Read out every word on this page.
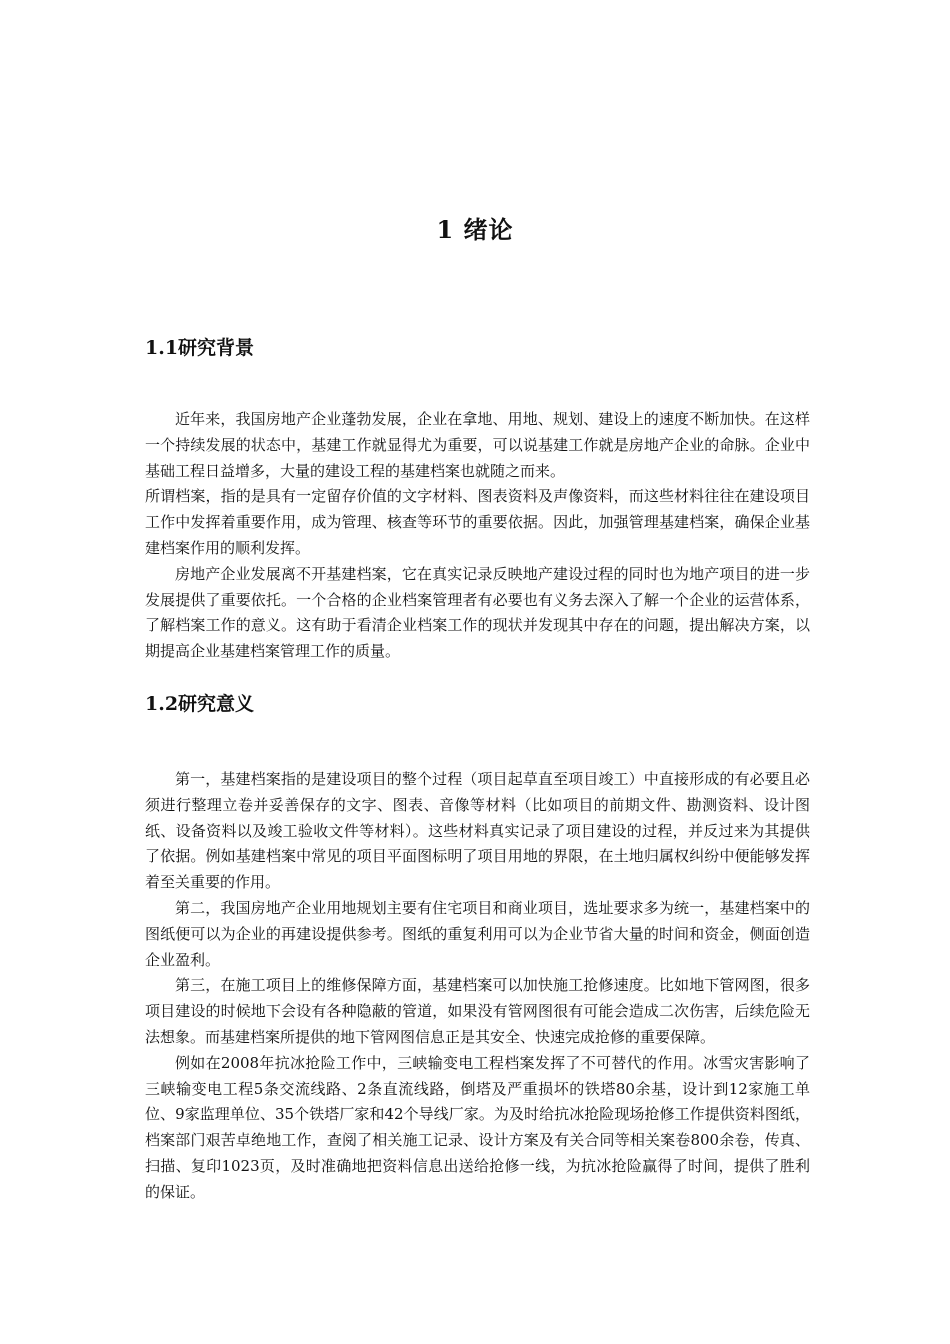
1 绪论
1.1研究背景

近年来，我国房地产企业蓬勃发展，企业在拿地、用地、规划、建设上的速度不断加快。在这样一个持续发展的状态中，基建工作就显得尤为重要，可以说基建工作就是房地产企业的命脉。企业中基础工程日益增多，大量的建设工程的基建档案也就随之而来。

所谓档案，指的是具有一定留存价值的文字材料、图表资料及声像资料，而这些材料往往在建设项目工作中发挥着重要作用，成为管理、核查等环节的重要依据。因此，加强管理基建档案，确保企业基建档案作用的顺利发挥。

房地产企业发展离不开基建档案，它在真实记录反映地产建设过程的同时也为地产项目的进一步发展提供了重要依托。一个合格的企业档案管理者有必要也有义务去深入了解一个企业的运营体系，了解档案工作的意义。这有助于看清企业档案工作的现状并发现其中存在的问题，提出解决方案，以期提高企业基建档案管理工作的质量。

1.2研究意义

第一，基建档案指的是建设项目的整个过程（项目起草直至项目竣工）中直接形成的有必要且必须进行整理立卷并妥善保存的文字、图表、音像等材料（比如项目的前期文件、勘测资料、设计图纸、设备资料以及竣工验收文件等材料）。这些材料真实记录了项目建设的过程，并反过来为其提供了依据。例如基建档案中常见的项目平面图标明了项目用地的界限，在土地归属权纠纷中便能够发挥着至关重要的作用。

第二，我国房地产企业用地规划主要有住宅项目和商业项目，选址要求多为统一，基建档案中的图纸便可以为企业的再建设提供参考。图纸的重复利用可以为企业节省大量的时间和资金，侧面创造企业盈利。

第三，在施工项目上的维修保障方面，基建档案可以加快施工抢修速度。比如地下管网图，很多项目建设的时候地下会设有各种隐蔽的管道，如果没有管网图很有可能会造成二次伤害，后续危险无法想象。而基建档案所提供的地下管网图信息正是其安全、快速完成抢修的重要保障。

例如在2008年抗冰抢险工作中，三峡输变电工程档案发挥了不可替代的作用。冰雪灾害影响了三峡输变电工程5条交流线路、2条直流线路，倒塔及严重损坏的铁塔80余基，设计到12家施工单位、9家监理单位、35个铁塔厂家和42个导线厂家。为及时给抗冰抢险现场抢修工作提供资料图纸，档案部门艰苦卓绝地工作，查阅了相关施工记录、设计方案及有关合同等相关案卷800余卷，传真、扫描、复印1023页，及时准确地把资料信息出送给抢修一线，为抗冰抢险赢得了时间，提供了胜利的保证。
